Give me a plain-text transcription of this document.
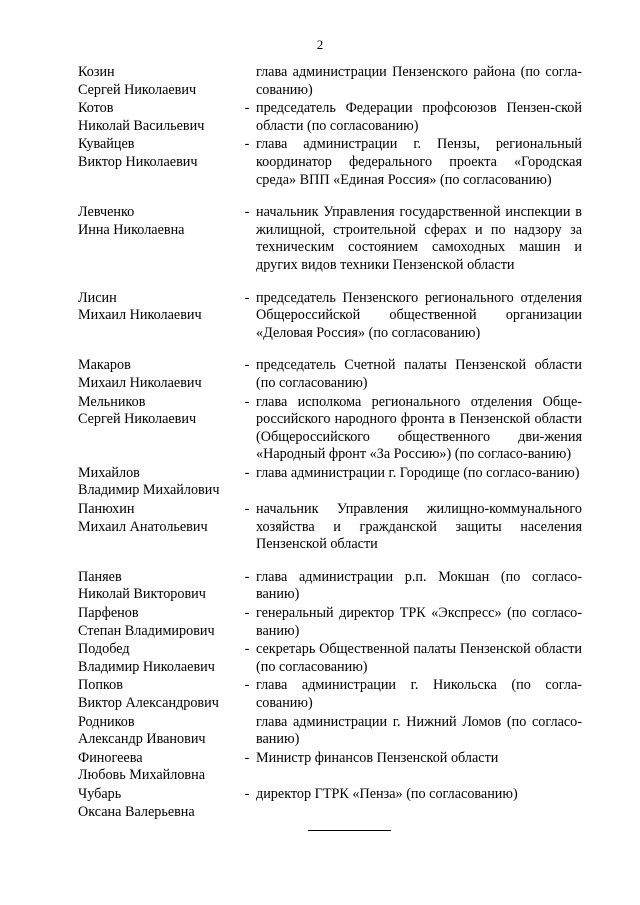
2
Козин
Сергей Николаевич
глава администрации Пензенского района (по согла-сованию)
Котов
Николай Васильевич
- председатель Федерации профсоюзов Пензен-ской области (по согласованию)
Кувайцев
Виктор Николаевич
- глава администрации г. Пензы, региональный координатор федерального проекта «Городская среда» ВПП «Единая Россия» (по согласованию)
Левченко
Инна Николаевна
- начальник Управления государственной инспекции в жилищной, строительной сферах и по надзору за техническим состоянием самоходных машин и других видов техники Пензенской области
Лисин
Михаил Николаевич
- председатель Пензенского регионального отделения Общероссийской общественной организации «Деловая Россия» (по согласованию)
Макаров
Михаил Николаевич
- председатель Счетной палаты Пензенской области (по согласованию)
Мельников
Сергей Николаевич
- глава исполкома регионального отделения Обще-российского народного фронта в Пензенской области (Общероссийского общественного дви-жения «Народный фронт «За Россию») (по согласо-ванию)
Михайлов
Владимир Михайлович
- глава администрации г. Городище (по согласо-ванию)
Панюхин
Михаил Анатольевич
- начальник Управления жилищно-коммунального хозяйства и гражданской защиты населения Пензенской области
Паняев
Николай Викторович
- глава администрации р.п. Мокшан (по согласо-ванию)
Парфенов
Степан Владимирович
- генеральный директор ТРК «Экспресс» (по согласо-ванию)
Подобед
Владимир Николаевич
- секретарь Общественной палаты Пензенской области (по согласованию)
Попков
Виктор Александрович
- глава администрации г. Никольска (по согла-сованию)
Родников
Александр Иванович
глава администрации г. Нижний Ломов (по согласо-ванию)
Финогеева
Любовь Михайловна
- Министр финансов Пензенской области
Чубарь
Оксана Валерьевна
- директор ГТРК «Пенза» (по согласованию)
